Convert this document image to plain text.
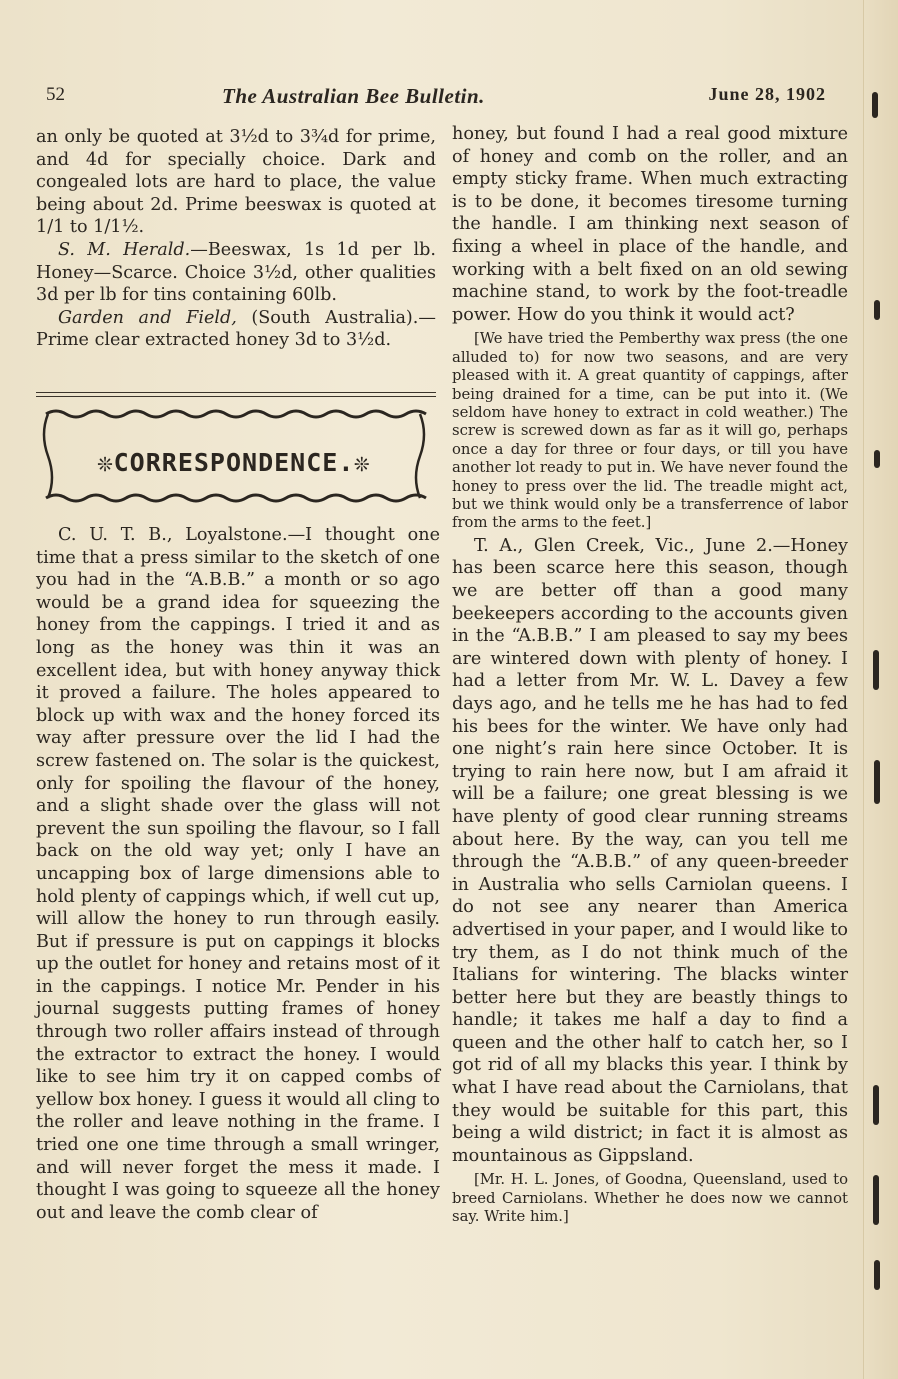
52	The Australian Bee Bulletin.	June 28, 1902

an only be quoted at 3½d to 3¾d for prime, and 4d for specially choice. Dark and congealed lots are hard to place, the value being about 2d. Prime beeswax is quoted at 1/1 to 1/1½.

S. M. Herald.—Beeswax, 1s 1d per lb. Honey—Scarce. Choice 3½d, other qualities 3d per lb for tins containing 60lb.

Garden and Field, (South Australia).—Prime clear extracted honey 3d to 3½d.

❊CORRESPONDENCE.❊

C. U. T. B., Loyalstone.—I thought one time that a press similar to the sketch of one you had in the “A.B.B.” a month or so ago would be a grand idea for squeezing the honey from the cappings. I tried it and as long as the honey was thin it was an excellent idea, but with honey anyway thick it proved a failure. The holes appeared to block up with wax and the honey forced its way after pressure over the lid I had the screw fastened on. The solar is the quickest, only for spoiling the flavour of the honey, and a slight shade over the glass will not prevent the sun spoiling the flavour, so I fall back on the old way yet; only I have an uncapping box of large dimensions able to hold plenty of cappings which, if well cut up, will allow the honey to run through easily. But if pressure is put on cappings it blocks up the outlet for honey and retains most of it in the cappings. I notice Mr. Pender in his journal suggests putting frames of honey through two roller affairs instead of through the extractor to extract the honey. I would like to see him try it on capped combs of yellow box honey. I guess it would all cling to the roller and leave nothing in the frame. I tried one one time through a small wringer, and will never forget the mess it made. I thought I was going to squeeze all the honey out and leave the comb clear of

honey, but found I had a real good mixture of honey and comb on the roller, and an empty sticky frame. When much extracting is to be done, it becomes tiresome turning the handle. I am thinking next season of fixing a wheel in place of the handle, and working with a belt fixed on an old sewing machine stand, to work by the foot-treadle power. How do you think it would act?

[We have tried the Pemberthy wax press (the one alluded to) for now two seasons, and are very pleased with it. A great quantity of cappings, after being drained for a time, can be put into it. (We seldom have honey to extract in cold weather.) The screw is screwed down as far as it will go, perhaps once a day for three or four days, or till you have another lot ready to put in. We have never found the honey to press over the lid. The treadle might act, but we think would only be a transferrence of labor from the arms to the feet.]

T. A., Glen Creek, Vic., June 2.—Honey has been scarce here this season, though we are better off than a good many beekeepers according to the accounts given in the “A.B.B.” I am pleased to say my bees are wintered down with plenty of honey. I had a letter from Mr. W. L. Davey a few days ago, and he tells me he has had to fed his bees for the winter. We have only had one night’s rain here since October. It is trying to rain here now, but I am afraid it will be a failure; one great blessing is we have plenty of good clear running streams about here. By the way, can you tell me through the “A.B.B.” of any queen-breeder in Australia who sells Carniolan queens. I do not see any nearer than America advertised in your paper, and I would like to try them, as I do not think much of the Italians for wintering. The blacks winter better here but they are beastly things to handle; it takes me half a day to find a queen and the other half to catch her, so I got rid of all my blacks this year. I think by what I have read about the Carniolans, that they would be suitable for this part, this being a wild district; in fact it is almost as mountainous as Gippsland.

[Mr. H. L. Jones, of Goodna, Queensland, used to breed Carniolans. Whether he does now we cannot say. Write him.]
